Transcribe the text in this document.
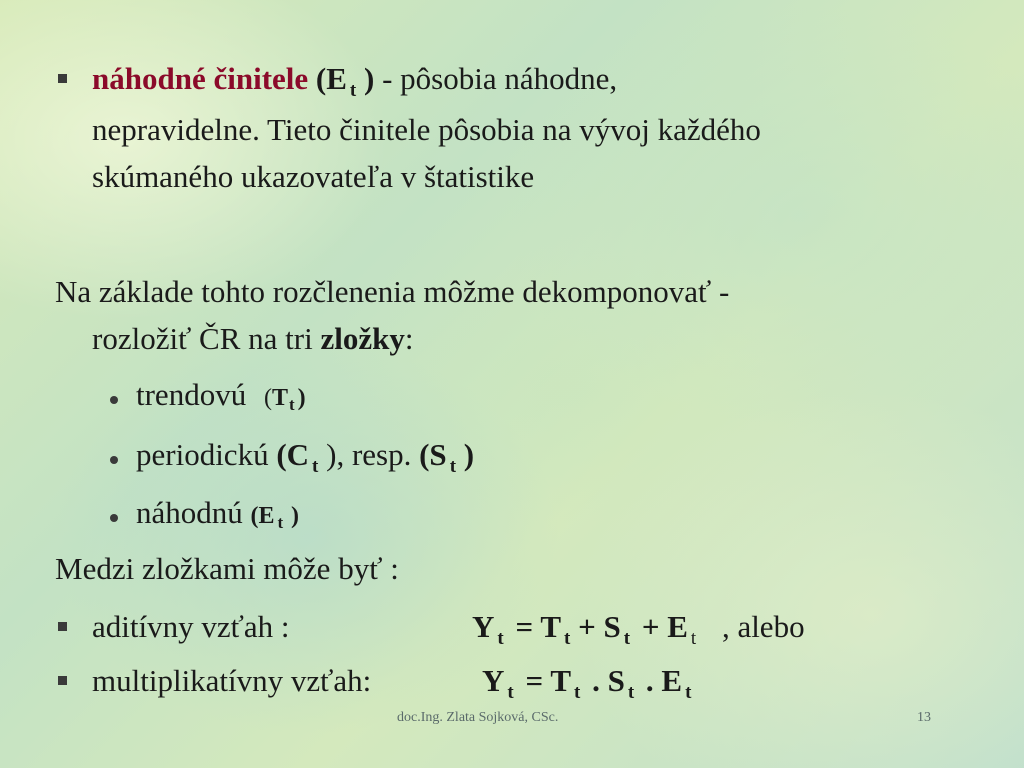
náhodné činitele (E $_t$ ) - pôsobia náhodne,
nepravidelne. Tieto činitele pôsobia na vývoj každého
skúmaného ukazovateľa v štatistike
Na základe tohto rozčlenenia môžme dekomponovať -
rozložiť ČR na tri zložky:
trendovú (Tt )
periodickú (C $_t$ ), resp. (S $_t$ )
náhodnú (E t )
Medzi zložkami môže byť :
aditívny vzťah :	Y $_t$ = T $_t$ + S $_t$ + E $_t$ , alebo
multiplikatívny vzťah:	Y $_t$ = T $_t$ . S $_t$ . E $_t$
doc.Ing. Zlata Sojková, CSc.	13
